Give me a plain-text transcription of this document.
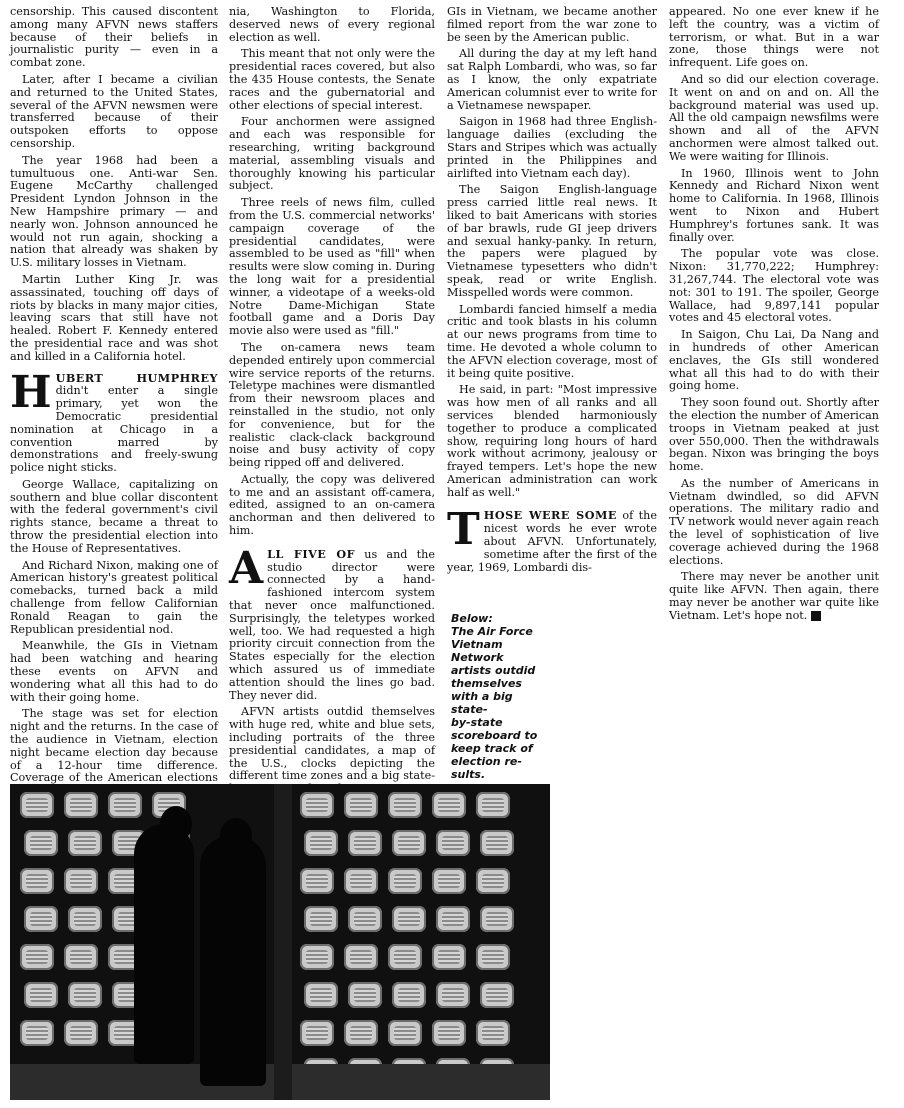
censorship. This caused discontent among many AFVN news staffers because of their beliefs in journalistic purity — even in a combat zone.

Later, after I became a civilian and returned to the United States, several of the AFVN newsmen were transferred because of their outspoken efforts to oppose censorship.

The year 1968 had been a tumultuous one. Anti-war Sen. Eugene McCarthy challenged President Lyndon Johnson in the New Hampshire primary — and nearly won. Johnson announced he would not run again, shocking a nation that already was shaken by U.S. military losses in Vietnam.

Martin Luther King Jr. was assassinated, touching off days of riots by blacks in many major cities, leaving scars that still have not healed. Robert F. Kennedy entered the presidential race and was shot and killed in a California hotel.

HUBERT HUMPHREY didn't enter a single primary, yet won the Democratic presidential nomination at Chicago in a convention marred by demonstrations and freely-swung police night sticks.

George Wallace, capitalizing on southern and blue collar discontent with the federal government's civil rights stance, became a threat to throw the presidential election into the House of Representatives.

And Richard Nixon, making one of American history's greatest political comebacks, turned back a mild challenge from fellow Californian Ronald Reagan to gain the Republican presidential nod.

Meanwhile, the GIs in Vietnam had been watching and hearing these events on AFVN and wondering what all this had to do with their going home.

The stage was set for election night and the returns. In the case of the audience in Vietnam, election night became election day because of a 12-hour time difference. Coverage of the American elections

nia, Washington to Florida, deserved news of every regional election as well.

This meant that not only were the presidential races covered, but also the 435 House contests, the Senate races and the gubernatorial and other elections of special interest.

Four anchormen were assigned and each was responsible for researching, writing background material, assembling visuals and thoroughly knowing his particular subject.

Three reels of news film, culled from the U.S. commercial networks' campaign coverage of the presidential candidates, were assembled to be used as "fill" when results were slow coming in. During the long wait for a presidential winner, a videotape of a weeks-old Notre Dame-Michigan State football game and a Doris Day movie also were used as "fill."

The on-camera news team depended entirely upon commercial wire service reports of the returns. Teletype machines were dismantled from their newsroom places and reinstalled in the studio, not only for convenience, but for the realistic clack-clack background noise and busy activity of copy being ripped off and delivered.

Actually, the copy was delivered to me and an assistant off-camera, edited, assigned to an on-camera anchorman and then delivered to him.

ALL FIVE OF us and the studio director were connected by a hand-fashioned intercom system that never once malfunctioned. Surprisingly, the teletypes worked well, too. We had requested a high priority circuit connection from the States especially for the election which assured us of immediate attention should the lines go bad. They never did.

AFVN artists outdid themselves with huge red, white and blue sets, including portraits of the three presidential candidates, a map of the U.S., clocks depicting the different time zones and a big state-

GIs in Vietnam, we became another filmed report from the war zone to be seen by the American public.

All during the day at my left hand sat Ralph Lombardi, who was, so far as I know, the only expatriate American columnist ever to write for a Vietnamese newspaper.

Saigon in 1968 had three English-language dailies (excluding the Stars and Stripes which was actually printed in the Philippines and airlifted into Vietnam each day).

The Saigon English-language press carried little real news. It liked to bait Americans with stories of bar brawls, rude GI jeep drivers and sexual hanky-panky. In return, the papers were plagued by Vietnamese typesetters who didn't speak, read or write English. Misspelled words were common.

Lombardi fancied himself a media critic and took blasts in his column at our news programs from time to time. He devoted a whole column to the AFVN election coverage, most of it being quite positive.

He said, in part: "Most impressive was how men of all ranks and all services blended harmoniously together to produce a complicated show, requiring long hours of hard work without acrimony, jealousy or frayed tempers. Let's hope the new American administration can work half as well."

THOSE WERE SOME of the nicest words he ever wrote about AFVN. Unfortunately, sometime after the first of the year, 1969, Lombardi dis-

appeared. No one ever knew if he left the country, was a victim of terrorism, or what. But in a war zone, those things were not infrequent. Life goes on.

And so did our election coverage. It went on and on and on. All the background material was used up. All the old campaign newsfilms were shown and all of the AFVN anchormen were almost talked out. We were waiting for Illinois.

In 1960, Illinois went to John Kennedy and Richard Nixon went home to California. In 1968, Illinois went to Nixon and Hubert Humphrey's fortunes sank. It was finally over.

The popular vote was close. Nixon: 31,770,222; Humphrey: 31,267,744. The electoral vote was not: 301 to 191. The spoiler, George Wallace, had 9,897,141 popular votes and 45 electoral votes.

In Saigon, Chu Lai, Da Nang and in hundreds of other American enclaves, the GIs still wondered what all this had to do with their going home.

They soon found out. Shortly after the election the number of American troops in Vietnam peaked at just over 550,000. Then the withdrawals began. Nixon was bringing the boys home.

As the number of Americans in Vietnam dwindled, so did AFVN operations. The military radio and TV network would never again reach the level of sophistication of live coverage achieved during the 1968 elections.

There may never be another unit quite like AFVN. Then again, there may never be another war quite like Vietnam. Let's hope not. M

Below:
The Air Force
Vietnam
Network
artists outdid
themselves
with a big state-
by-state
scoreboard to
keep track of
election re-
sults.
